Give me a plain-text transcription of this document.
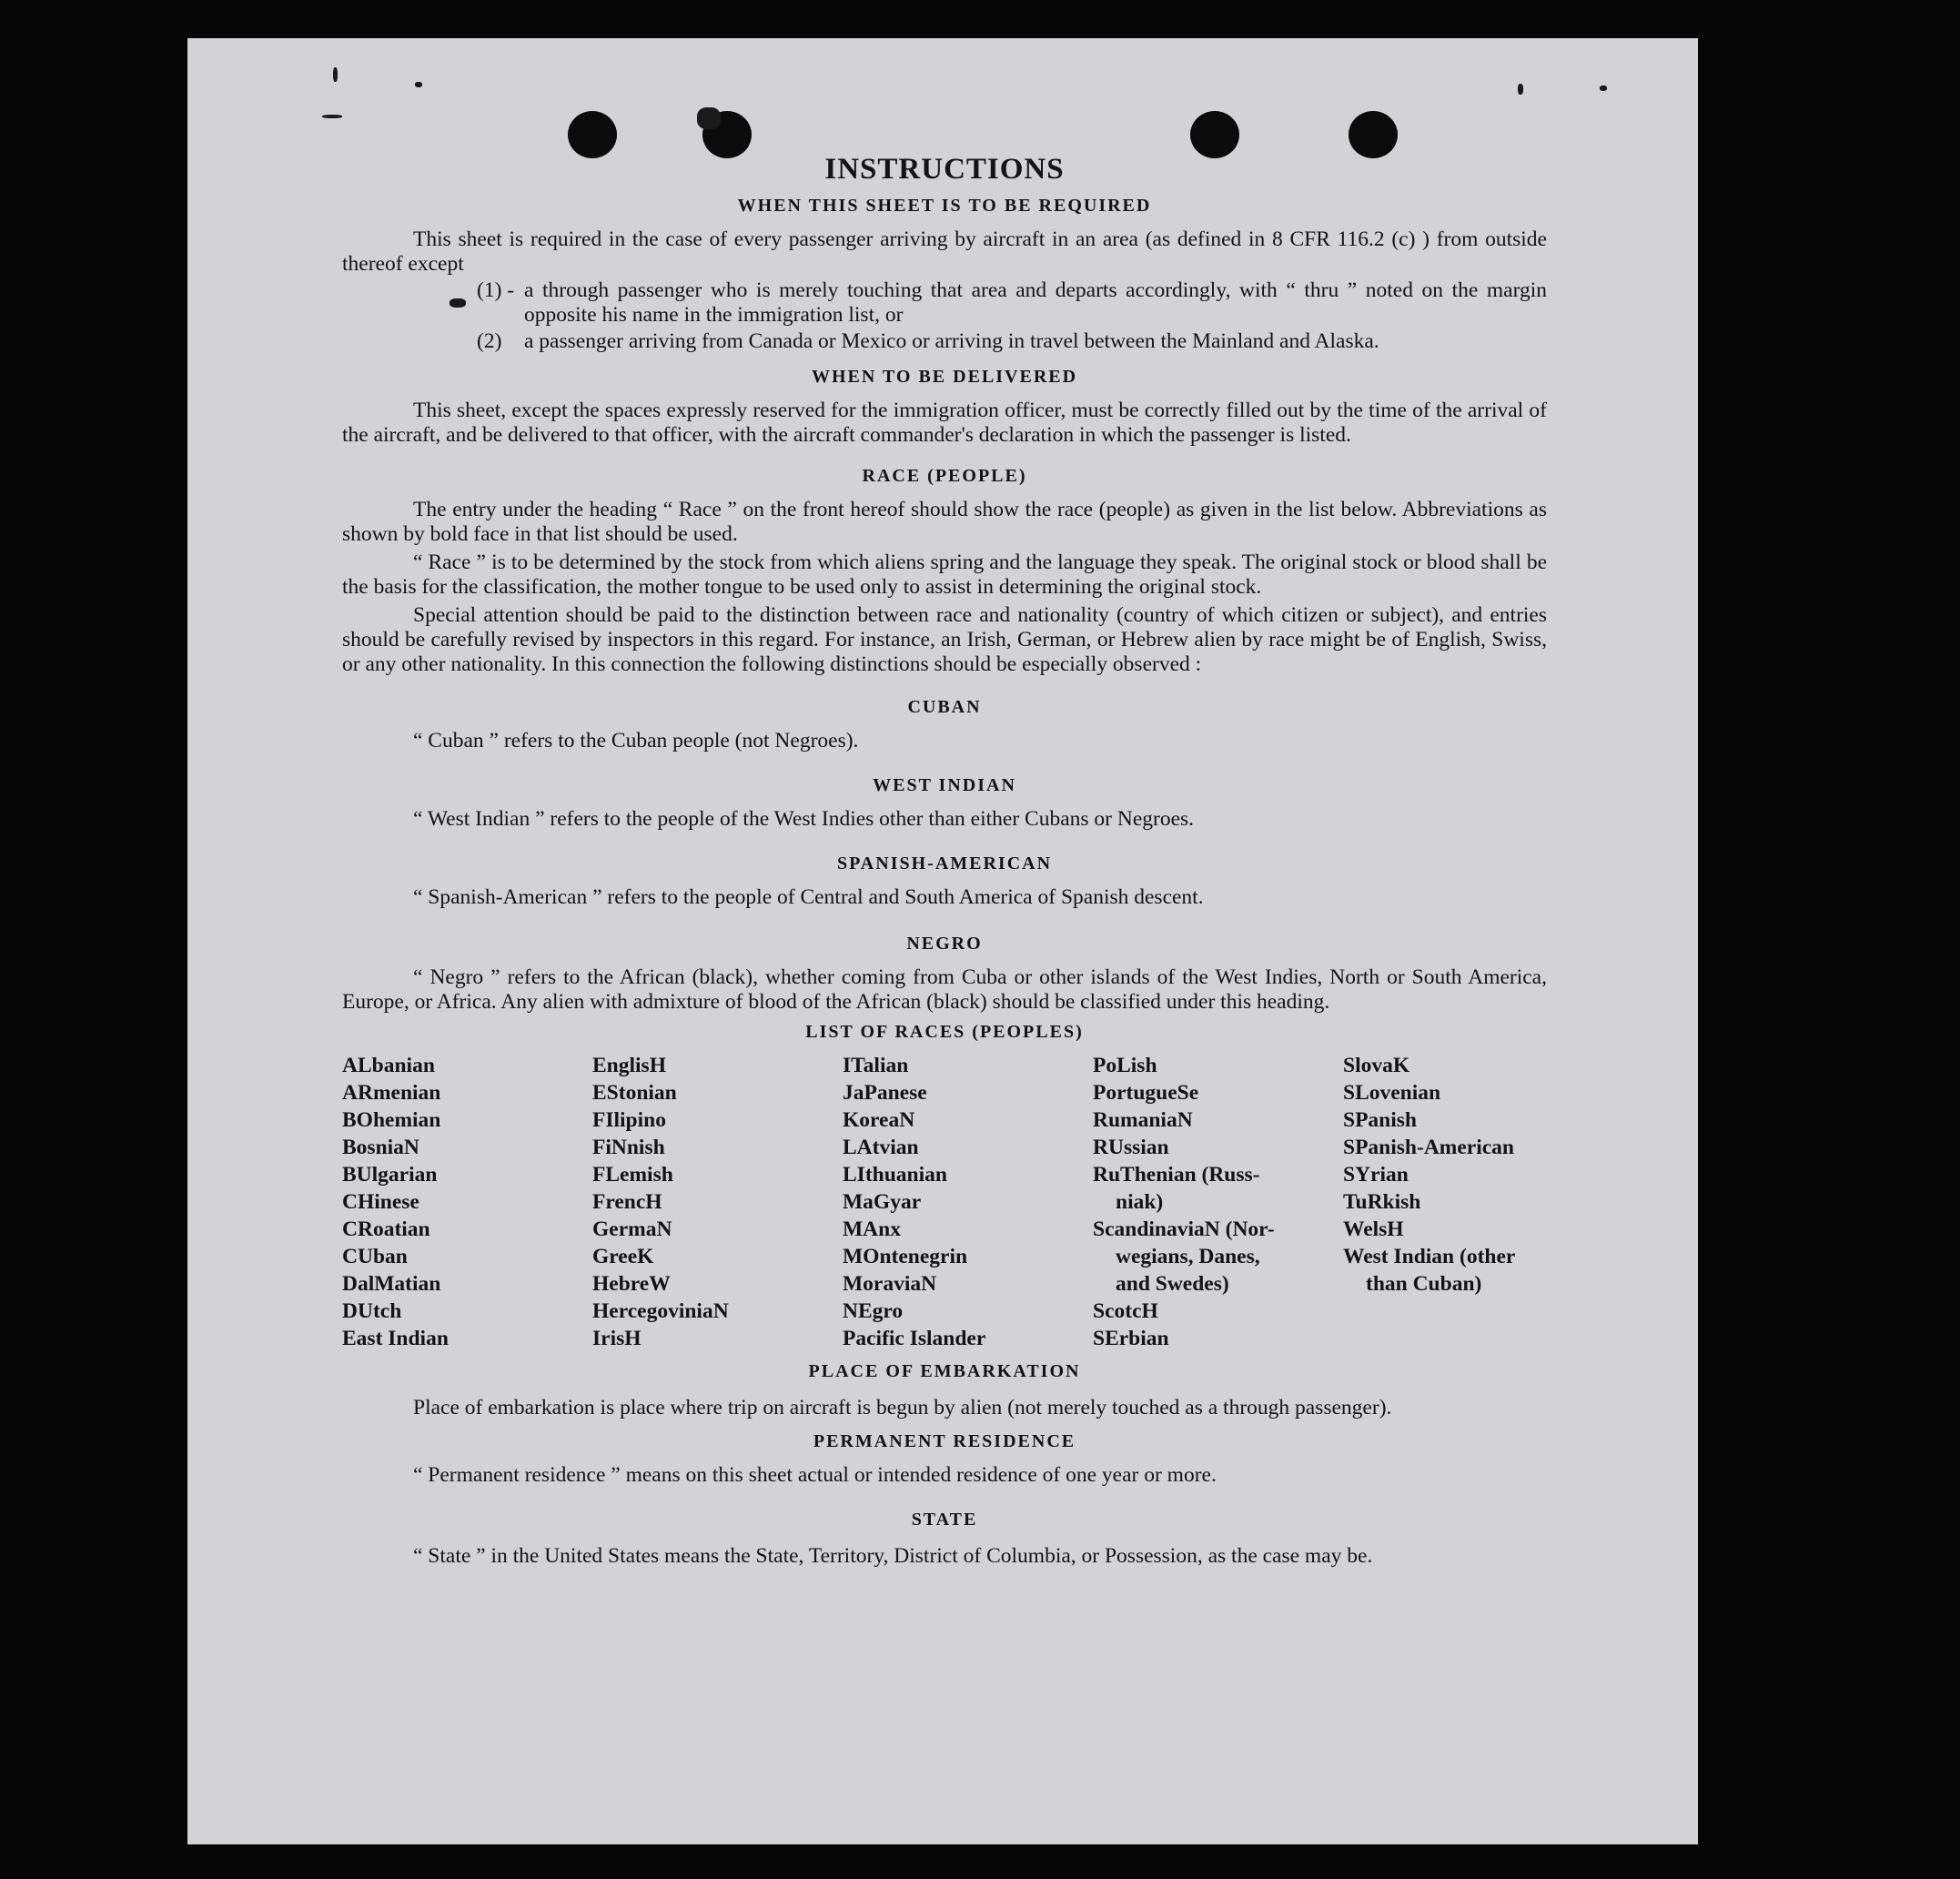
INSTRUCTIONS
WHEN THIS SHEET IS TO BE REQUIRED

This sheet is required in the case of every passenger arriving by aircraft in an area (as defined in 8 CFR 116.2 (c) ) from outside thereof except

(1) - a through passenger who is merely touching that area and departs accordingly, with “ thru ” noted on the margin opposite his name in the immigration list, or
(2)	a passenger arriving from Canada or Mexico or arriving in travel between the Mainland and Alaska.
WHEN TO BE DELIVERED

This sheet, except the spaces expressly reserved for the immigration officer, must be correctly filled out by the time of the arrival of the aircraft, and be delivered to that officer, with the aircraft commander's declaration in which the passenger is listed.

RACE (PEOPLE)

The entry under the heading “ Race ” on the front hereof should show the race (people) as given in the list below. Abbreviations as shown by bold face in that list should be used.

“ Race ” is to be determined by the stock from which aliens spring and the language they speak. The original stock or blood shall be the basis for the classification, the mother tongue to be used only to assist in determining the original stock.

Special attention should be paid to the distinction between race and nationality (country of which citizen or subject), and entries should be carefully revised by inspectors in this regard. For instance, an Irish, German, or Hebrew alien by race might be of English, Swiss, or any other nationality. In this connection the following distinctions should be especially observed :

CUBAN

“ Cuban ” refers to the Cuban people (not Negroes).

WEST INDIAN

“ West Indian ” refers to the people of the West Indies other than either Cubans or Negroes.

SPANISH-AMERICAN

“ Spanish-American ” refers to the people of Central and South America of Spanish descent.

NEGRO

“ Negro ” refers to the African (black), whether coming from Cuba or other islands of the West Indies, North or South America, Europe, or Africa. Any alien with admixture of blood of the African (black) should be classified under this heading.

LIST OF RACES (PEOPLES)
ALbanian
ARmenian
BOhemian
BosniaN
BUlgarian
CHinese
CRoatian
CUban
DalMatian
DUtch
East Indian
EnglisH
EStonian
FIlipino
FiNnish
FLemish
FrencH
GermaN
GreeK
HebreW
HercegoviniaN
IrisH
ITalian
JaPanese
KoreaN
LAtvian
LIthuanian
MaGyar
MAnx
MOntenegrin
MoraviaN
NEgro
Pacific Islander
PoLish
PortugueSe
RumaniaN
RUssian
RuThenian (Russ-
niak)
ScandinaviaN (Nor-
wegians, Danes,
and Swedes)
ScotcH
SErbian
SlovaK
SLovenian
SPanish
SPanish-American
SYrian
TuRkish
WelsH
West Indian (other
than Cuban)
PLACE OF EMBARKATION

Place of embarkation is place where trip on aircraft is begun by alien (not merely touched as a through passenger).

PERMANENT RESIDENCE

“ Permanent residence ” means on this sheet actual or intended residence of one year or more.

STATE

“ State ” in the United States means the State, Territory, District of Columbia, or Possession, as the case may be.
